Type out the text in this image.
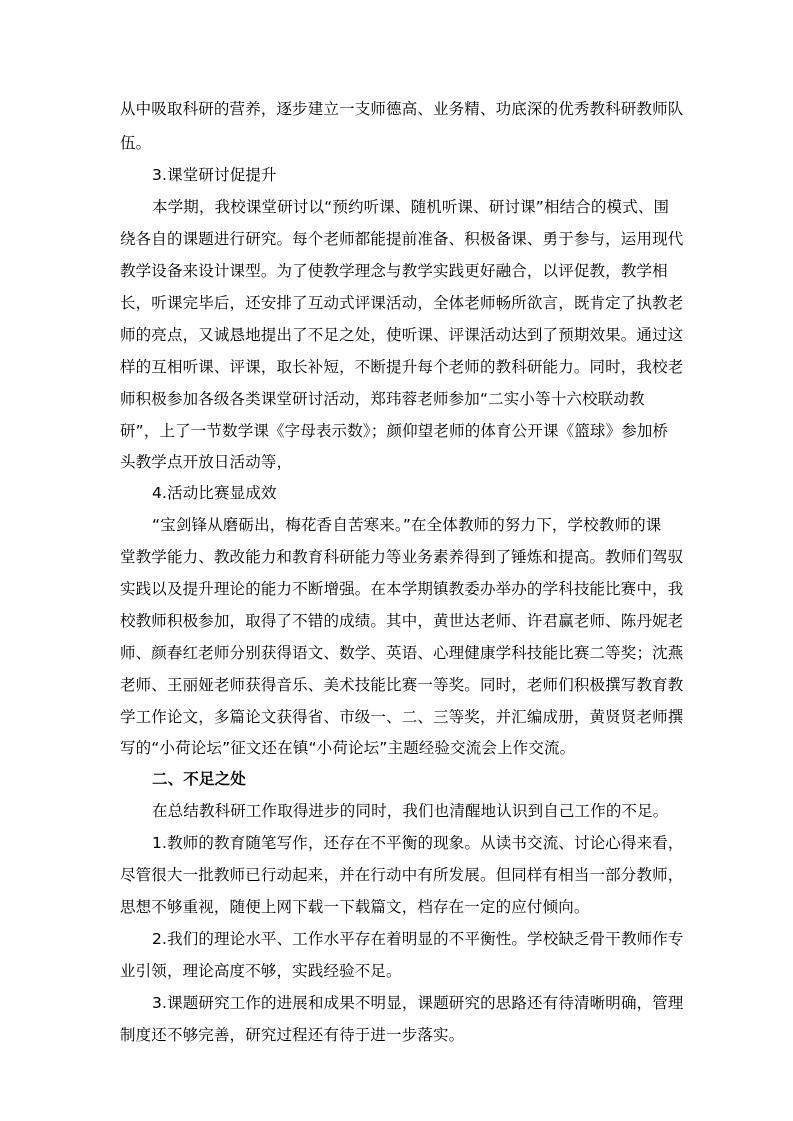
从中吸取科研的营养，逐步建立一支师德高、业务精、功底深的优秀教科研教师队
伍。
3.课堂研讨促提升
本学期，我校课堂研讨以“预约听课、随机听课、研讨课”相结合的模式、围
绕各自的课题进行研究。每个老师都能提前准备、积极备课、勇于参与，运用现代
教学设备来设计课型。为了使教学理念与教学实践更好融合，以评促教，教学相
长，听课完毕后，还安排了互动式评课活动，全体老师畅所欲言，既肯定了执教老
师的亮点，又诚恳地提出了不足之处，使听课、评课活动达到了预期效果。通过这
样的互相听课、评课，取长补短，不断提升每个老师的教科研能力。同时，我校老
师积极参加各级各类课堂研讨活动，郑玮蓉老师参加“二实小等十六校联动教
研”，上了一节数学课《字母表示数》；颜仰望老师的体育公开课《篮球》参加桥
头教学点开放日活动等，
4.活动比赛显成效
“宝剑锋从磨砺出，梅花香自苦寒来。”在全体教师的努力下，学校教师的课
堂教学能力、教改能力和教育科研能力等业务素养得到了锤炼和提高。教师们驾驭
实践以及提升理论的能力不断增强。在本学期镇教委办举办的学科技能比赛中，我
校教师积极参加，取得了不错的成绩。其中，黄世达老师、许君赢老师、陈丹妮老
师、颜春红老师分别获得语文、数学、英语、心理健康学科技能比赛二等奖；沈燕
老师、王丽娅老师获得音乐、美术技能比赛一等奖。同时，老师们积极撰写教育教
学工作论文，多篇论文获得省、市级一、二、三等奖，并汇编成册，黄贤贤老师撰
写的“小荷论坛”征文还在镇“小荷论坛”主题经验交流会上作交流。
二、不足之处
在总结教科研工作取得进步的同时，我们也清醒地认识到自己工作的不足。
1.教师的教育随笔写作，还存在不平衡的现象。从读书交流、讨论心得来看，
尽管很大一批教师已行动起来，并在行动中有所发展。但同样有相当一部分教师，
思想不够重视，随便上网下载一下载篇文，档存在一定的应付倾向。
2.我们的理论水平、工作水平存在着明显的不平衡性。学校缺乏骨干教师作专
业引领，理论高度不够，实践经验不足。
3.课题研究工作的进展和成果不明显，课题研究的思路还有待清晰明确，管理
制度还不够完善，研究过程还有待于进一步落实。
